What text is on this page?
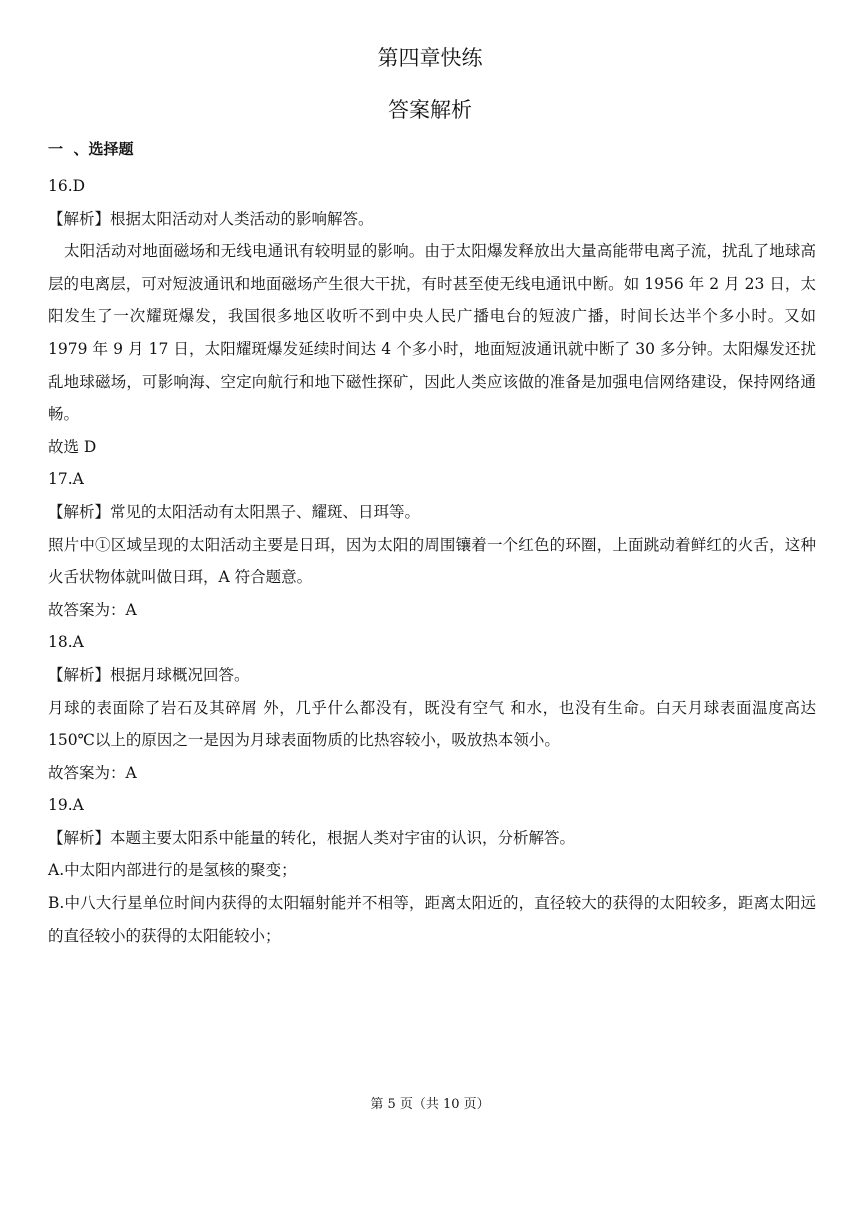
第四章快练
答案解析
一  、选择题

16.D

【解析】根据太阳活动对人类活动的影响解答。

太阳活动对地面磁场和无线电通讯有较明显的影响。由于太阳爆发释放出大量高能带电离子流，扰乱了地球高层的电离层，可对短波通讯和地面磁场产生很大干扰，有时甚至使无线电通讯中断。如 1956 年 2 月 23 日，太阳发生了一次耀斑爆发，我国很多地区收听不到中央人民广播电台的短波广播，时间长达半个多小时。又如 1979 年 9 月 17 日，太阳耀斑爆发延续时间达 4 个多小时，地面短波通讯就中断了 30 多分钟。太阳爆发还扰乱地球磁场，可影响海、空定向航行和地下磁性探矿，因此人类应该做的准备是加强电信网络建设，保持网络通畅。

故选 D

17.A

【解析】常见的太阳活动有太阳黑子、耀斑、日珥等。

照片中①区域呈现的太阳活动主要是日珥，因为太阳的周围镶着一个红色的环圈，上面跳动着鲜红的火舌，这种火舌状物体就叫做日珥，A 符合题意。

故答案为：A

18.A

【解析】根据月球概况回答。

月球的表面除了岩石及其碎屑 外，几乎什么都没有，既没有空气 和水，也没有生命。白天月球表面温度高达 150℃以上的原因之一是因为月球表面物质的比热容较小，吸放热本领小。

故答案为：A

19.A

【解析】本题主要太阳系中能量的转化，根据人类对宇宙的认识，分析解答。

A.中太阳内部进行的是氢核的聚变；

B.中八大行星单位时间内获得的太阳辐射能并不相等，距离太阳近的，直径较大的获得的太阳较多，距离太阳远的直径较小的获得的太阳能较小；

第 5 页（共 10 页）
